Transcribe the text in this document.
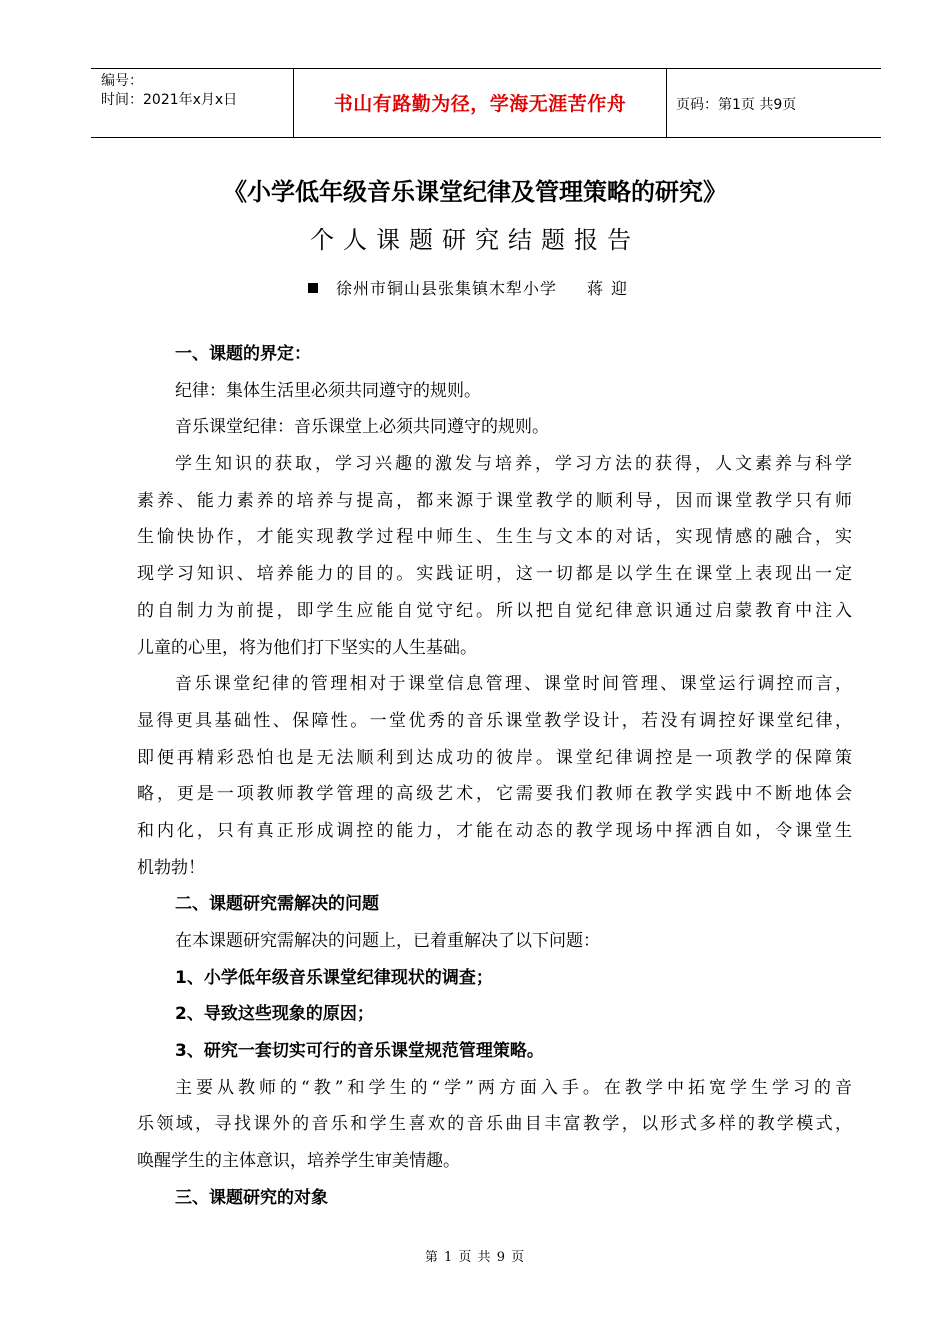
编号：
时间：2021年x月x日	书山有路勤为径，学海无涯苦作舟	页码：第1页 共9页
《小学低年级音乐课堂纪律及管理策略的研究》
个人课题研究结题报告
徐州市铜山县张集镇木犁小学 蒋迎
一、课题的界定：
纪律：集体生活里必须共同遵守的规则。
音乐课堂纪律：音乐课堂上必须共同遵守的规则。
学生知识的获取，学习兴趣的激发与培养，学习方法的获得，人文素养与科学
素养、能力素养的培养与提高，都来源于课堂教学的顺利导，因而课堂教学只有师
生愉快协作，才能实现教学过程中师生、生生与文本的对话，实现情感的融合，实
现学习知识、培养能力的目的。实践证明，这一切都是以学生在课堂上表现出一定
的自制力为前提，即学生应能自觉守纪。所以把自觉纪律意识通过启蒙教育中注入
儿童的心里，将为他们打下坚实的人生基础。
音乐课堂纪律的管理相对于课堂信息管理、课堂时间管理、课堂运行调控而言，
显得更具基础性、保障性。一堂优秀的音乐课堂教学设计，若没有调控好课堂纪律，
即便再精彩恐怕也是无法顺利到达成功的彼岸。课堂纪律调控是一项教学的保障策
略，更是一项教师教学管理的高级艺术，它需要我们教师在教学实践中不断地体会
和内化，只有真正形成调控的能力，才能在动态的教学现场中挥洒自如，令课堂生
机勃勃！
二、课题研究需解决的问题
在本课题研究需解决的问题上，已着重解决了以下问题：
1、小学低年级音乐课堂纪律现状的调查；
2、导致这些现象的原因；
3、研究一套切实可行的音乐课堂规范管理策略。
主要从教师的“教”和学生的“学”两方面入手。在教学中拓宽学生学习的音
乐领域，寻找课外的音乐和学生喜欢的音乐曲目丰富教学，以形式多样的教学模式，
唤醒学生的主体意识，培养学生审美情趣。
三、课题研究的对象
第 1 页 共 9 页
